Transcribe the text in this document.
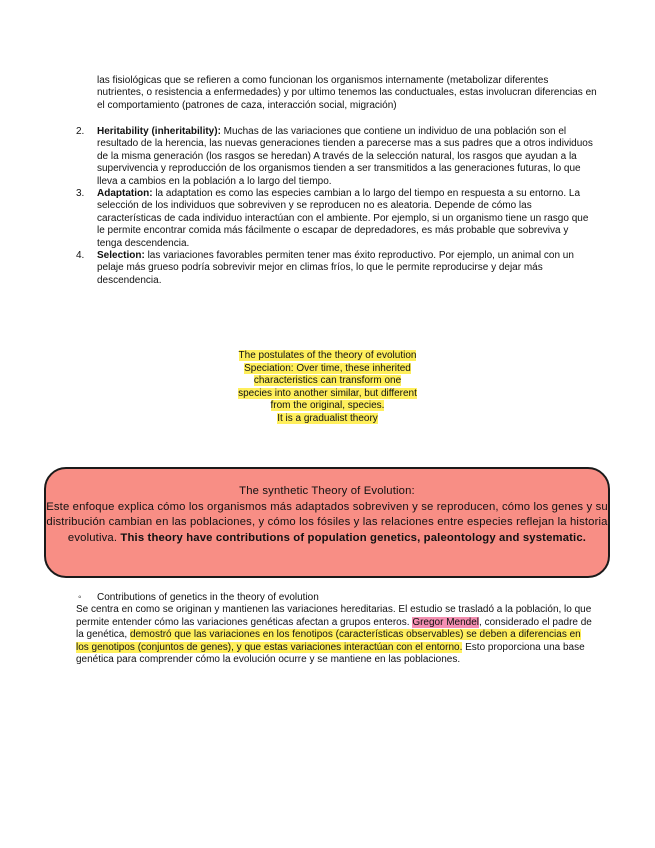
las fisiológicas que se refieren a como funcionan los organismos internamente (metabolizar diferentes nutrientes, o resistencia a enfermedades) y por ultimo tenemos las conductuales, estas involucran diferencias en el comportamiento (patrones de caza, interacción social, migración)

2. Heritability (inheritability): Muchas de las variaciones que contiene un individuo de una población son el resultado de la herencia, las nuevas generaciones tienden a parecerse mas a sus padres que a otros individuos de la misma generación (los rasgos se heredan) A través de la selección natural, los rasgos que ayudan a la supervivencia y reproducción de los organismos tienden a ser transmitidos a las generaciones futuras, lo que lleva a cambios en la población a lo largo del tiempo.
3. Adaptation: la adaptation es como las especies cambian a lo largo del tiempo en respuesta a su entorno. La selección de los individuos que sobreviven y se reproducen no es aleatoria. Depende de cómo las características de cada individuo interactúan con el ambiente. Por ejemplo, si un organismo tiene un rasgo que le permite encontrar comida más fácilmente o escapar de depredadores, es más probable que sobreviva y tenga descendencia.
4. Selection: las variaciones favorables permiten tener mas éxito reproductivo. Por ejemplo, un animal con un pelaje más grueso podría sobrevivir mejor en climas fríos, lo que le permite reproducirse y dejar más descendencia.
The postulates of the theory of evolution
Speciation: Over time, these inherited
characteristics can transform one
species into another similar, but different
from the original, species.
It is a gradualist theory
The synthetic Theory of Evolution:
Este enfoque explica cómo los organismos más adaptados sobreviven y se reproducen, cómo los genes y su distribución cambian en las poblaciones, y cómo los fósiles y las relaciones entre especies reflejan la historia evolutiva. This theory have contributions of population genetics, paleontology and systematic.
◦	Contributions of genetics in the theory of evolution

Se centra en como se originan y mantienen las variaciones hereditarias. El estudio se trasladó a la población, lo que permite entender cómo las variaciones genéticas afectan a grupos enteros. Gregor Mendel, considerado el padre de la genética, demostró que las variaciones en los fenotipos (características observables) se deben a diferencias en los genotipos (conjuntos de genes), y que estas variaciones interactúan con el entorno. Esto proporciona una base genética para comprender cómo la evolución ocurre y se mantiene en las poblaciones.
